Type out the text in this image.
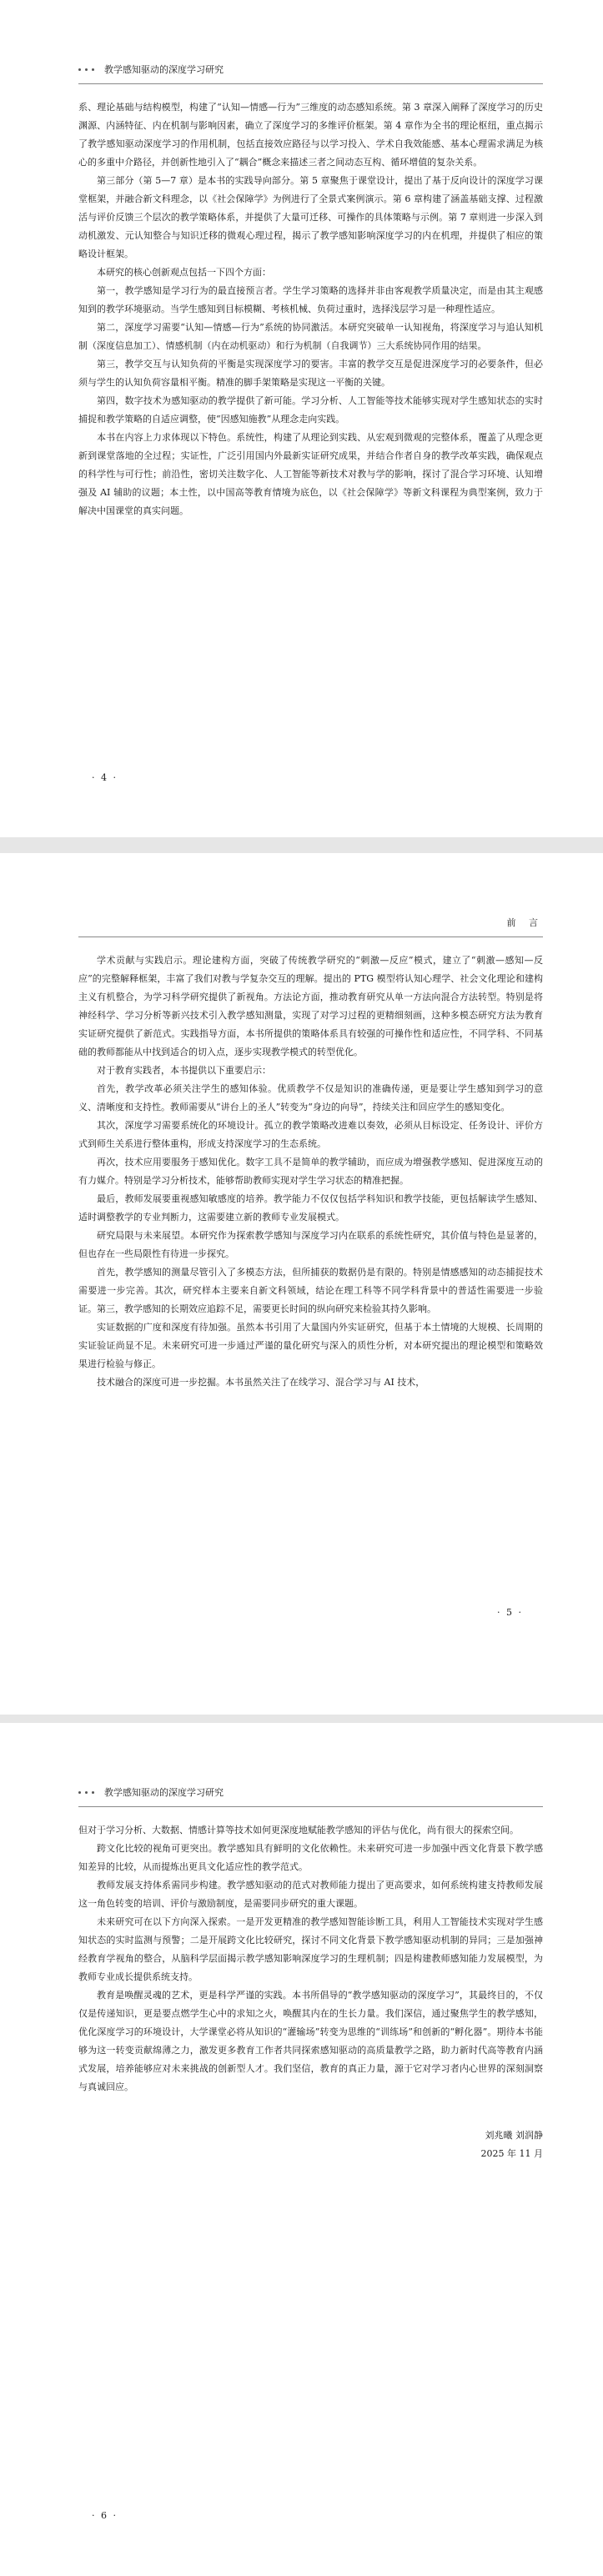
教学感知驱动的深度学习研究

系、理论基础与结构模型，构建了“认知—情感—行为”三维度的动态感知系统。第 3 章深入阐释了深度学习的历史渊源、内涵特征、内在机制与影响因素，确立了深度学习的多维评价框架。第 4 章作为全书的理论枢纽，重点揭示了教学感知驱动深度学习的作用机制，包括直接效应路径与以学习投入、学术自我效能感、基本心理需求满足为核心的多重中介路径，并创新性地引入了“耦合”概念来描述三者之间动态互构、循环增值的复杂关系。

第三部分（第 5—7 章）是本书的实践导向部分。第 5 章聚焦于课堂设计，提出了基于反向设计的深度学习课堂框架，并融合新文科理念，以《社会保障学》为例进行了全景式案例演示。第 6 章构建了涵盖基础支撑、过程激活与评价反馈三个层次的教学策略体系，并提供了大量可迁移、可操作的具体策略与示例。第 7 章则进一步深入到动机激发、元认知整合与知识迁移的微观心理过程，揭示了教学感知影响深度学习的内在机理，并提供了相应的策略设计框架。

本研究的核心创新观点包括一下四个方面：

第一，教学感知是学习行为的最直接预言者。学生学习策略的选择并非由客观教学质量决定，而是由其主观感知到的教学环境驱动。当学生感知到目标模糊、考核机械、负荷过重时，选择浅层学习是一种理性适应。

第二，深度学习需要“认知—情感—行为”系统的协同激活。本研究突破单一认知视角，将深度学习与追认知机制（深度信息加工）、情感机制（内在动机驱动）和行为机制（自我调节）三大系统协同作用的结果。

第三，教学交互与认知负荷的平衡是实现深度学习的要害。丰富的教学交互是促进深度学习的必要条件，但必须与学生的认知负荷容量相平衡。精准的脚手架策略是实现这一平衡的关键。

第四，数字技术为感知驱动的教学提供了新可能。学习分析、人工智能等技术能够实现对学生感知状态的实时捕捉和教学策略的自适应调整，使“因感知施教”从理念走向实践。

本书在内容上力求体现以下特色。系统性，构建了从理论到实践、从宏观到微观的完整体系，覆盖了从理念更新到课堂落地的全过程；实证性，广泛引用国内外最新实证研究成果，并结合作者自身的教学改革实践，确保观点的科学性与可行性；前沿性，密切关注数字化、人工智能等新技术对教与学的影响，探讨了混合学习环境、认知增强及 AI 辅助的议题；本土性，以中国高等教育情境为底色，以《社会保障学》等新文科课程为典型案例，致力于解决中国课堂的真实问题。

· 4 ·
前 言

学术贡献与实践启示。理论建构方面，突破了传统教学研究的“刺激—反应”模式，建立了“刺激—感知—反应”的完整解释框架，丰富了我们对教与学复杂交互的理解。提出的 PTG 模型将认知心理学、社会文化理论和建构主义有机整合，为学习科学研究提供了新视角。方法论方面，推动教育研究从单一方法向混合方法转型。特别是将神经科学、学习分析等新兴技术引入教学感知测量，实现了对学习过程的更精细刻画，这种多模态研究方法为教育实证研究提供了新范式。实践指导方面，本书所提供的策略体系具有较强的可操作性和适应性，不同学科、不同基础的教师都能从中找到适合的切入点，逐步实现教学模式的转型优化。

对于教育实践者，本书提供以下重要启示：

首先，教学改革必须关注学生的感知体验。优质教学不仅是知识的准确传递，更是要让学生感知到学习的意义、清晰度和支持性。教师需要从“讲台上的圣人”转变为“身边的向导”，持续关注和回应学生的感知变化。

其次，深度学习需要系统化的环境设计。孤立的教学策略改进难以奏效，必须从目标设定、任务设计、评价方式到师生关系进行整体重构，形成支持深度学习的生态系统。

再次，技术应用要服务于感知优化。数字工具不是简单的教学辅助，而应成为增强教学感知、促进深度互动的有力媒介。特别是学习分析技术，能够帮助教师实现对学生学习状态的精准把握。

最后，教师发展要重视感知敏感度的培养。教学能力不仅仅包括学科知识和教学技能，更包括解读学生感知、适时调整教学的专业判断力，这需要建立新的教师专业发展模式。

研究局限与未来展望。本研究作为探索教学感知与深度学习内在联系的系统性研究，其价值与特色是显著的，但也存在一些局限性有待进一步探究。

首先，教学感知的测量尽管引入了多模态方法，但所捕获的数据仍是有限的。特别是情感感知的动态捕捉技术需要进一步完善。其次，研究样本主要来自新文科领域，结论在理工科等不同学科背景中的普适性需要进一步验证。第三，教学感知的长期效应追踪不足，需要更长时间的纵向研究来检验其持久影响。

实证数据的广度和深度有待加强。虽然本书引用了大量国内外实证研究，但基于本土情境的大规模、长周期的实证验证尚显不足。未来研究可进一步通过严谨的量化研究与深入的质性分析，对本研究提出的理论模型和策略效果进行检验与修正。

技术融合的深度可进一步挖掘。本书虽然关注了在线学习、混合学习与 AI 技术，

· 5 ·
教学感知驱动的深度学习研究

但对于学习分析、大数据、情感计算等技术如何更深度地赋能教学感知的评估与优化，尚有很大的探索空间。

跨文化比较的视角可更突出。教学感知具有鲜明的文化依赖性。未来研究可进一步加强中西文化背景下教学感知差异的比较，从而提炼出更具文化适应性的教学范式。

教师发展支持体系需同步构建。教学感知驱动的范式对教师能力提出了更高要求，如何系统构建支持教师发展这一角色转变的培训、评价与激励制度，是需要同步研究的重大课题。

未来研究可在以下方向深入探索。一是开发更精准的教学感知智能诊断工具，利用人工智能技术实现对学生感知状态的实时监测与预警；二是开展跨文化比较研究，探讨不同文化背景下教学感知驱动机制的异同；三是加强神经教育学视角的整合，从脑科学层面揭示教学感知影响深度学习的生理机制；四是构建教师感知能力发展模型，为教师专业成长提供系统支持。

教育是唤醒灵魂的艺术，更是科学严谨的实践。本书所倡导的“教学感知驱动的深度学习”，其最终目的，不仅仅是传递知识，更是要点燃学生心中的求知之火，唤醒其内在的生长力量。我们深信，通过聚焦学生的教学感知，优化深度学习的环境设计，大学课堂必将从知识的“灌输场”转变为思维的“训练场”和创新的“孵化器”。期待本书能够为这一转变贡献绵薄之力，激发更多教育工作者共同探索感知驱动的高质量教学之路，助力新时代高等教育内涵式发展，培养能够应对未来挑战的创新型人才。我们坚信，教育的真正力量，源于它对学习者内心世界的深刻洞察与真诚回应。

刘兆曦 刘润静
2025 年 11 月
· 6 ·
